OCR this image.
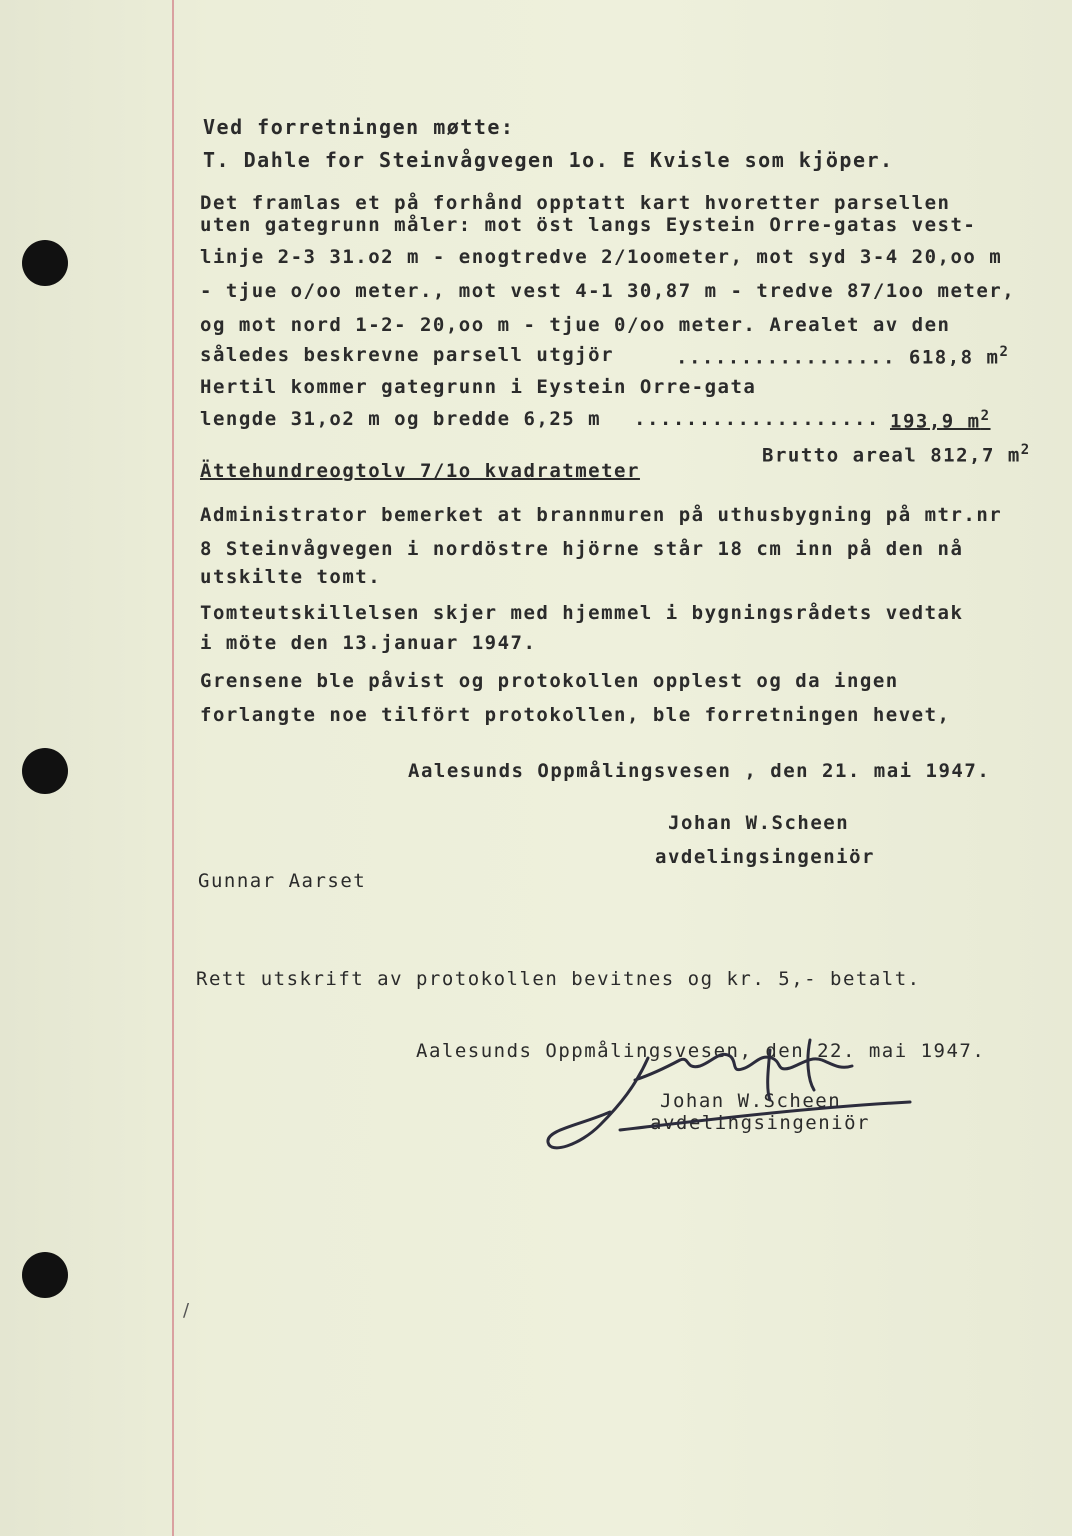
Ved forretningen møtte:

T. Dahle for Steinvågvegen 1o. E Kvisle som kjöper.

Det framlas et på forhånd opptatt kart hvoretter parsellen

uten gategrunn måler: mot öst langs Eystein Orre-gatas vest-

linje 2-3 31.o2 m - enogtredve 2/1oometer, mot syd 3-4 20,oo m

- tjue o/oo meter., mot vest 4-1 30,87 m - tredve 87/1oo meter,

og mot nord 1-2- 20,oo m - tjue 0/oo meter. Arealet av den

således beskrevne parsell utgjör	................. 618,8 $m^2$

Hertil kommer gategrunn i Eystein Orre-gata

lengde 31,o2 m og bredde 6,25 m ................... 193,9 $m^2$

Brutto areal 812,7 $m^2$

Ättehundreogtolv 7/1o kvadratmeter

Administrator bemerket at brannmuren på uthusbygning på mtr.nr

8 Steinvågvegen i nordöstre hjörne står 18 cm inn på den nå

utskilte tomt.

Tomteutskillelsen skjer med hjemmel i bygningsrådets vedtak

i möte den 13.januar 1947.

Grensene ble påvist og protokollen opplest og da ingen

forlangte noe tilfört protokollen, ble forretningen hevet,

Aalesunds Oppmålingsvesen , den 21. mai 1947.

Johan W.Scheen

avdelingsingeniör

Gunnar Aarset

Rett utskrift av protokollen bevitnes og kr. 5,- betalt.

Aalesunds Oppmålingsvesen, den 22. mai 1947.

Johan W.Scheen

avdelingsingeniör

/
